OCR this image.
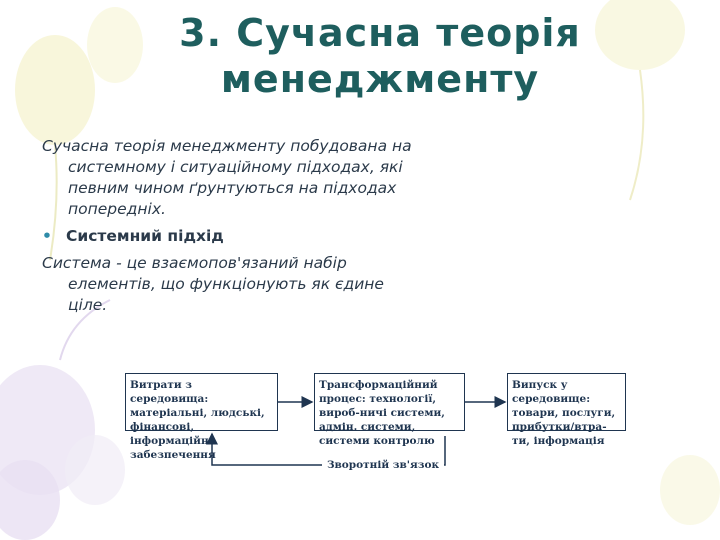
3. Сучасна теорія
менеджменту

Сучасна теорія менеджменту побудована на системному і ситуаційному підходах, які певним чином ґрунтуються на підходах попередніх.

• Системний підхід

Система - це взаємопов'язаний набір елементів, що функціонують як єдине ціле.

Витрати з середовища: матеріальні, людські, фінансові, інформаційне забезпечення
Трансформаційний процес: технології, вироб-ничі системи, адмін. системи, системи контролю
Випуск у середовище: товари, послуги, прибутки/втра-ти, інформація
Зворотній зв'язок
